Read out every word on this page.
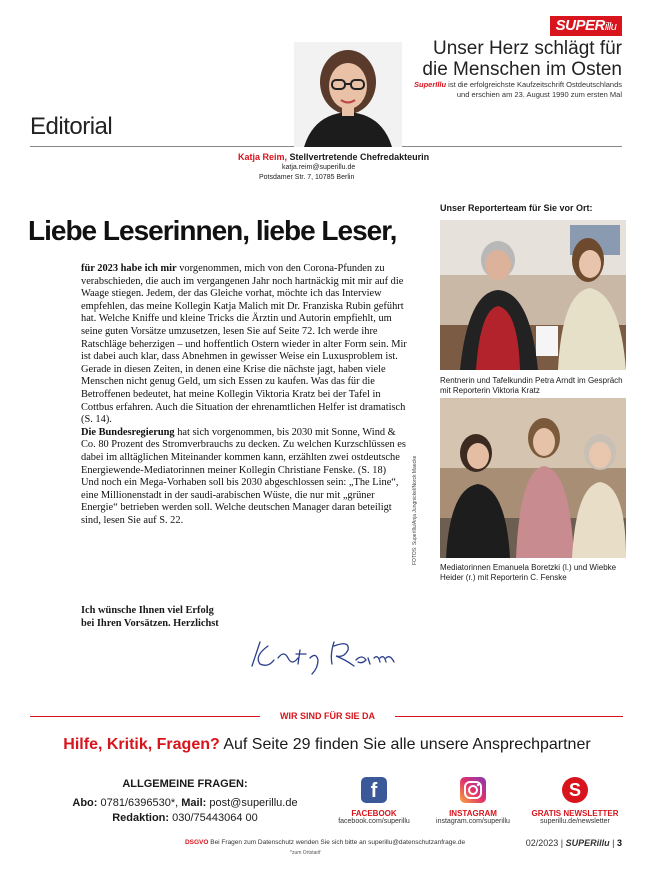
SUPERillu
Unser Herz schlägt für
die Menschen im Osten
SuperIllu ist die erfolgreichste Kaufzeitschrift Ostdeutschlands
und erschien am 23. August 1990 zum ersten Mal
Editorial
Katja Reim, Stellvertretende Chefredakteurin
katja.reim@superillu.de
Potsdamer Str. 7, 10785 Berlin
Liebe Leserinnen, liebe Leser,

für 2023 habe ich mir vorgenommen, mich von den Corona-Pfunden zu verabschieden, die auch im vergangenen Jahr noch hartnäckig mit mir auf die Waage stiegen. Jedem, der das Gleiche vorhat, möchte ich das Interview empfehlen, das meine Kollegin Katja Malich mit Dr. Franziska Rubin geführt hat. Welche Kniffe und kleine Tricks die Ärztin und Autorin empfiehlt, um seine guten Vorsätze umzusetzen, lesen Sie auf Seite 72. Ich werde ihre Ratschläge beherzigen – und hoffentlich Ostern wieder in alter Form sein. Mir ist dabei auch klar, dass Abnehmen in gewisser Weise ein Luxusproblem ist. Gerade in diesen Zeiten, in denen eine Krise die nächste jagt, haben viele Menschen nicht genug Geld, um sich Essen zu kaufen. Was das für die Betroffenen bedeutet, hat meine Kollegin Viktoria Kratz bei der Tafel in Cottbus erfahren. Auch die Situation der ehrenamtlichen Helfer ist dramatisch (S. 14).

Die Bundesregierung hat sich vorgenommen, bis 2030 mit Sonne, Wind & Co. 80 Prozent des Stromverbrauchs zu decken. Zu welchen Kurzschlüssen es dabei im alltäglichen Miteinander kommen kann, erzählten zwei ostdeutsche Energiewende-Mediatorinnen meiner Kollegin Christiane Fenske. (S. 18)

Und noch ein Mega-Vorhaben soll bis 2030 abgeschlossen sein: „The Line“, eine Millionenstadt in der saudi-arabischen Wüste, die nur mit „grüner Energie“ betrieben werden soll. Welche deutschen Manager daran beteiligt sind, lesen Sie auf S. 22.

Ich wünsche Ihnen viel Erfolg
bei Ihren Vorsätzen. Herzlichst
Unser Reporterteam für Sie vor Ort:
Rentnerin und Tafelkundin Petra Arndt im Gespräch mit Reporterin Viktoria Kratz
FOTOS: SuperIllu/Anja Jungnickel/Norck Maecke
Mediatorinnen Emanuela Boretzki (l.) und Wiebke Heider (r.) mit Reporterin C. Fenske
WIR SIND FÜR SIE DA
Hilfe, Kritik, Fragen? Auf Seite 29 finden Sie alle unsere Ansprechpartner
ALLGEMEINE FRAGEN:
Abo: 0781/6396530*, Mail: post@superillu.de
Redaktion: 030/75443064 00
f
FACEBOOK
facebook.com/superillu
INSTAGRAM
instagram.com/superillu
S
GRATIS NEWSLETTER
superillu.de/newsletter
DSGVO Bei Fragen zum Datenschutz wenden Sie sich bitte an superillu@datenschutzanfrage.de
*zum Ortstarif
02/2023 | SUPERillu | 3
